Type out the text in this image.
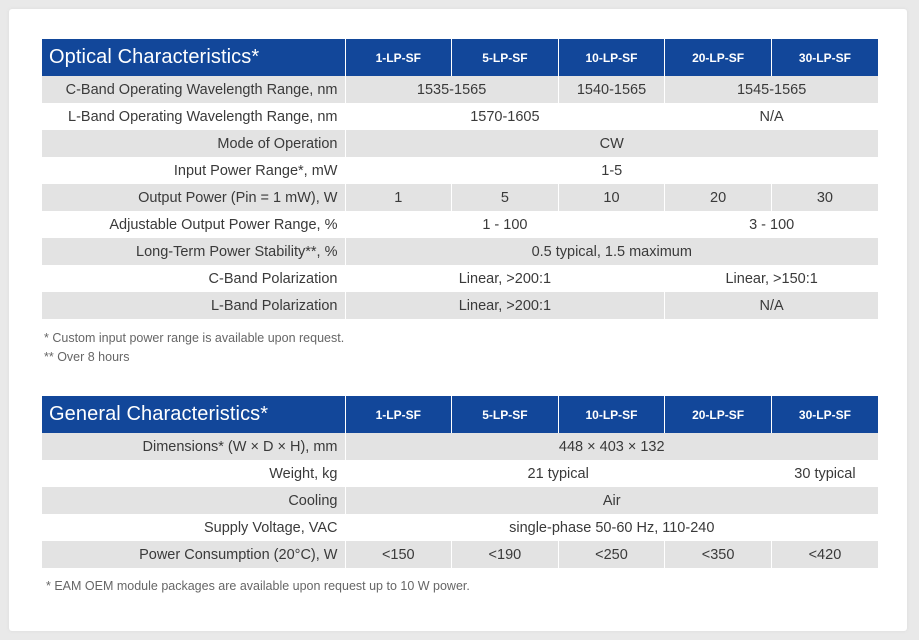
Optical Characteristics*	1-LP-SF	5-LP-SF	10-LP-SF	20-LP-SF	30-LP-SF
C-Band Operating Wavelength Range, nm	1535-1565		1540-1565	1545-1565	
L-Band Operating Wavelength Range, nm	1570-1605			N/A	
Mode of Operation	CW				
Input Power Range*, mW	1-5				
Output Power (Pin = 1 mW), W	1	5	10	20	30
Adjustable Output Power Range, %	1 - 100			3 - 100	
Long-Term Power Stability**, %	0.5 typical, 1.5 maximum				
C-Band Polarization	Linear, >200:1			Linear, >150:1	
L-Band Polarization	Linear, >200:1			N/A	
* Custom input power range is available upon request.
** Over 8 hours
General Characteristics*	1-LP-SF	5-LP-SF	10-LP-SF	20-LP-SF	30-LP-SF
Dimensions* (W × D × H), mm	448 × 403 × 132				
Weight, kg	21 typical				30 typical
Cooling	Air				
Supply Voltage, VAC	single-phase 50-60 Hz, 110-240				
Power Consumption (20°C), W	<150	<190	<250	<350	<420
* EAM OEM module packages are available upon request up to 10 W power.
